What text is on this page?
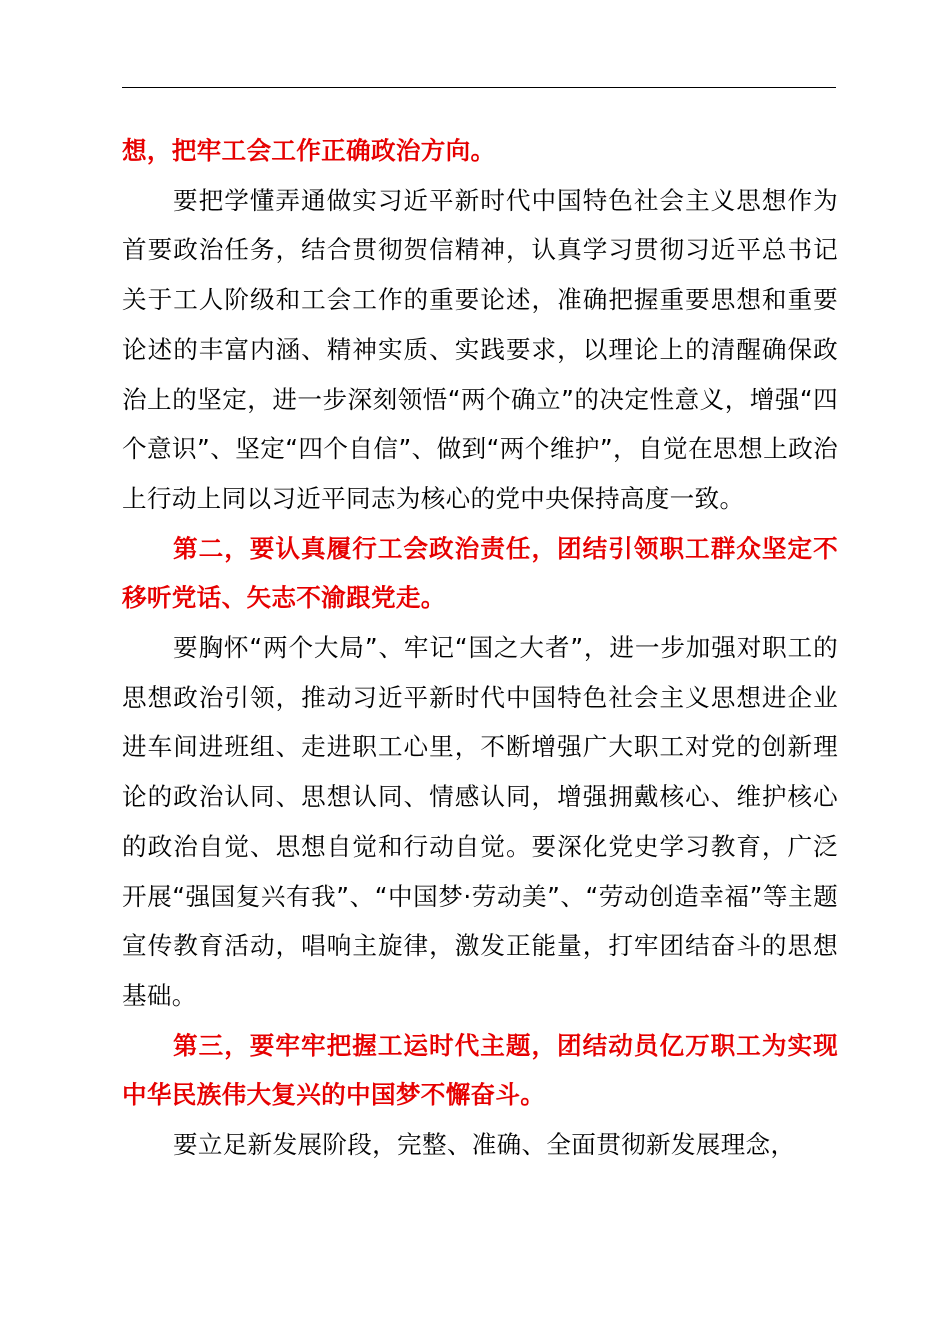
想，把牢工会工作正确政治方向。

要把学懂弄通做实习近平新时代中国特色社会主义思想作为首要政治任务，结合贯彻贺信精神，认真学习贯彻习近平总书记关于工人阶级和工会工作的重要论述，准确把握重要思想和重要论述的丰富内涵、精神实质、实践要求，以理论上的清醒确保政治上的坚定，进一步深刻领悟“两个确立”的决定性意义，增强“四个意识”、坚定“四个自信”、做到“两个维护”，自觉在思想上政治上行动上同以习近平同志为核心的党中央保持高度一致。

第二，要认真履行工会政治责任，团结引领职工群众坚定不移听党话、矢志不渝跟党走。

要胸怀“两个大局”、牢记“国之大者”，进一步加强对职工的思想政治引领，推动习近平新时代中国特色社会主义思想进企业进车间进班组、走进职工心里，不断增强广大职工对党的创新理论的政治认同、思想认同、情感认同，增强拥戴核心、维护核心的政治自觉、思想自觉和行动自觉。要深化党史学习教育，广泛开展“强国复兴有我”、“中国梦·劳动美”、“劳动创造幸福”等主题宣传教育活动，唱响主旋律，激发正能量，打牢团结奋斗的思想基础。

第三，要牢牢把握工运时代主题，团结动员亿万职工为实现中华民族伟大复兴的中国梦不懈奋斗。

要立足新发展阶段，完整、准确、全面贯彻新发展理念，
